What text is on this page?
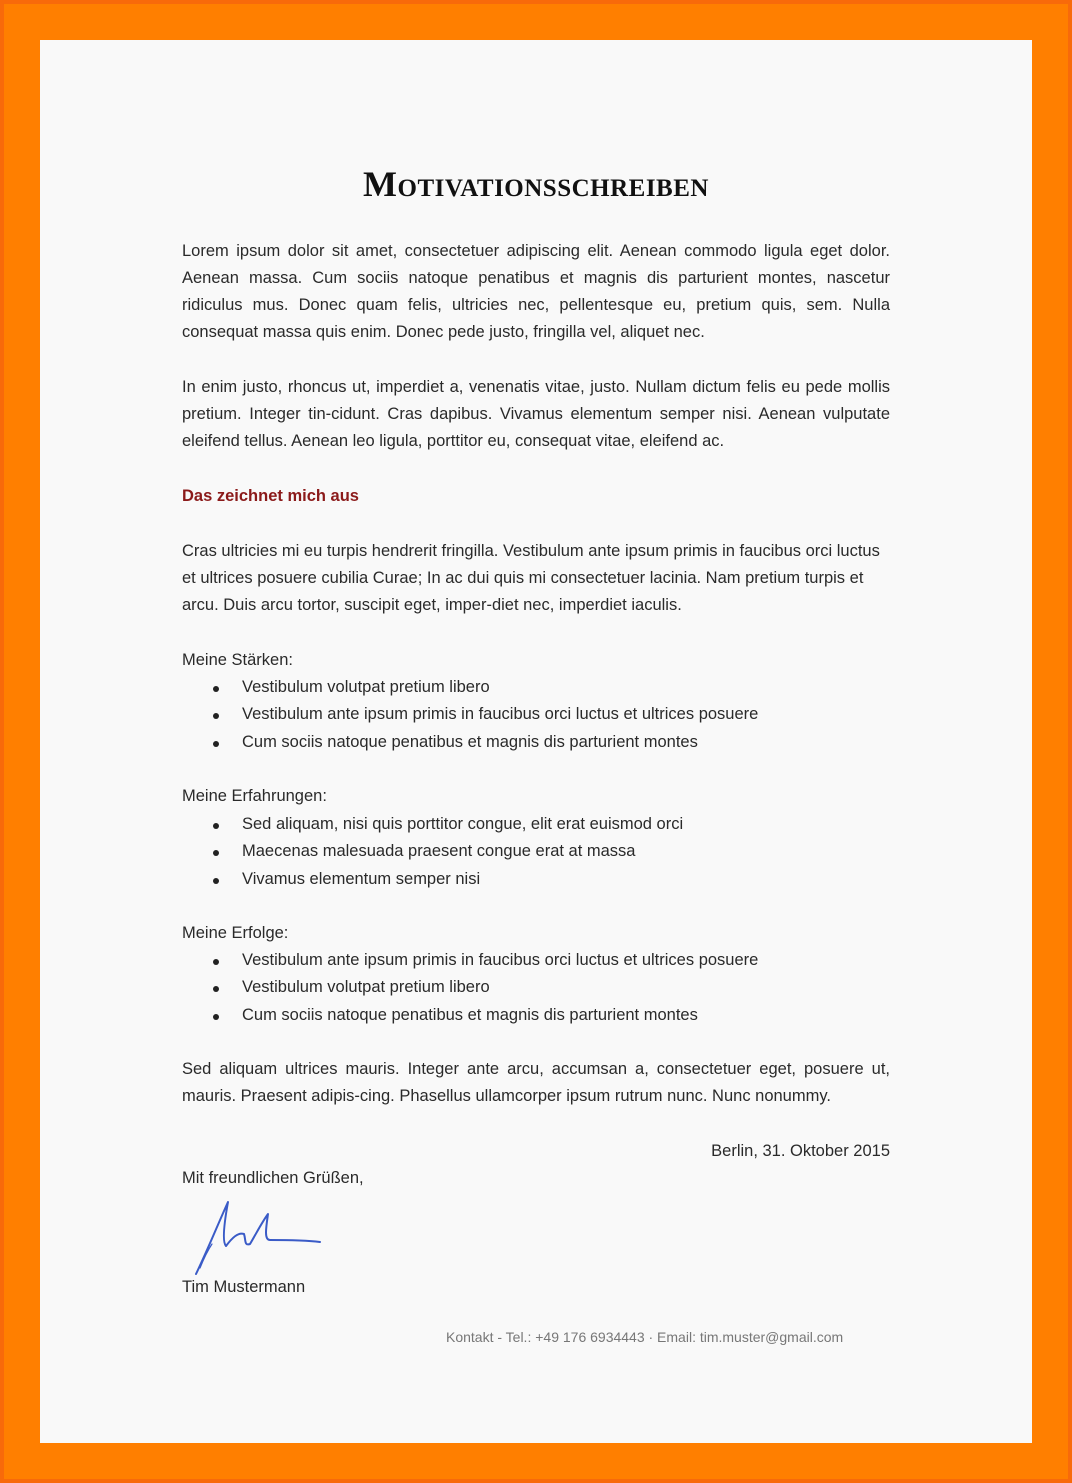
Motivationsschreiben

Lorem ipsum dolor sit amet, consectetuer adipiscing elit. Aenean commodo ligula eget dolor. Aenean massa. Cum sociis natoque penatibus et magnis dis parturient montes, nascetur ridiculus mus. Donec quam felis, ultricies nec, pellentesque eu, pretium quis, sem. Nulla consequat massa quis enim. Donec pede justo, fringilla vel, aliquet nec.

In enim justo, rhoncus ut, imperdiet a, venenatis vitae, justo. Nullam dictum felis eu pede mollis pretium. Integer tin-cidunt. Cras dapibus. Vivamus elementum semper nisi. Aenean vulputate eleifend tellus. Aenean leo ligula, porttitor eu, consequat vitae, eleifend ac.

Das zeichnet mich aus

Cras ultricies mi eu turpis hendrerit fringilla. Vestibulum ante ipsum primis in faucibus orci luctus et ultrices posuere cubilia Curae; In ac dui quis mi consectetuer lacinia. Nam pretium turpis et arcu. Duis arcu tortor, suscipit eget, imper-diet nec, imperdiet iaculis.

Meine Stärken:

Vestibulum volutpat pretium libero
Vestibulum ante ipsum primis in faucibus orci luctus et ultrices posuere
Cum sociis natoque penatibus et magnis dis parturient montes

Meine Erfahrungen:

Sed aliquam, nisi quis porttitor congue, elit erat euismod orci
Maecenas malesuada praesent congue erat at massa
Vivamus elementum semper nisi

Meine Erfolge:

Vestibulum ante ipsum primis in faucibus orci luctus et ultrices posuere
Vestibulum volutpat pretium libero
Cum sociis natoque penatibus et magnis dis parturient montes

Sed aliquam ultrices mauris. Integer ante arcu, accumsan a, consectetuer eget, posuere ut, mauris. Praesent adipis-cing. Phasellus ullamcorper ipsum rutrum nunc. Nunc nonummy.

Berlin, 31. Oktober 2015

Mit freundlichen Grüßen,

Tim Mustermann

Kontakt - Tel.: +49 176 6934443 · Email: tim.muster@gmail.com
